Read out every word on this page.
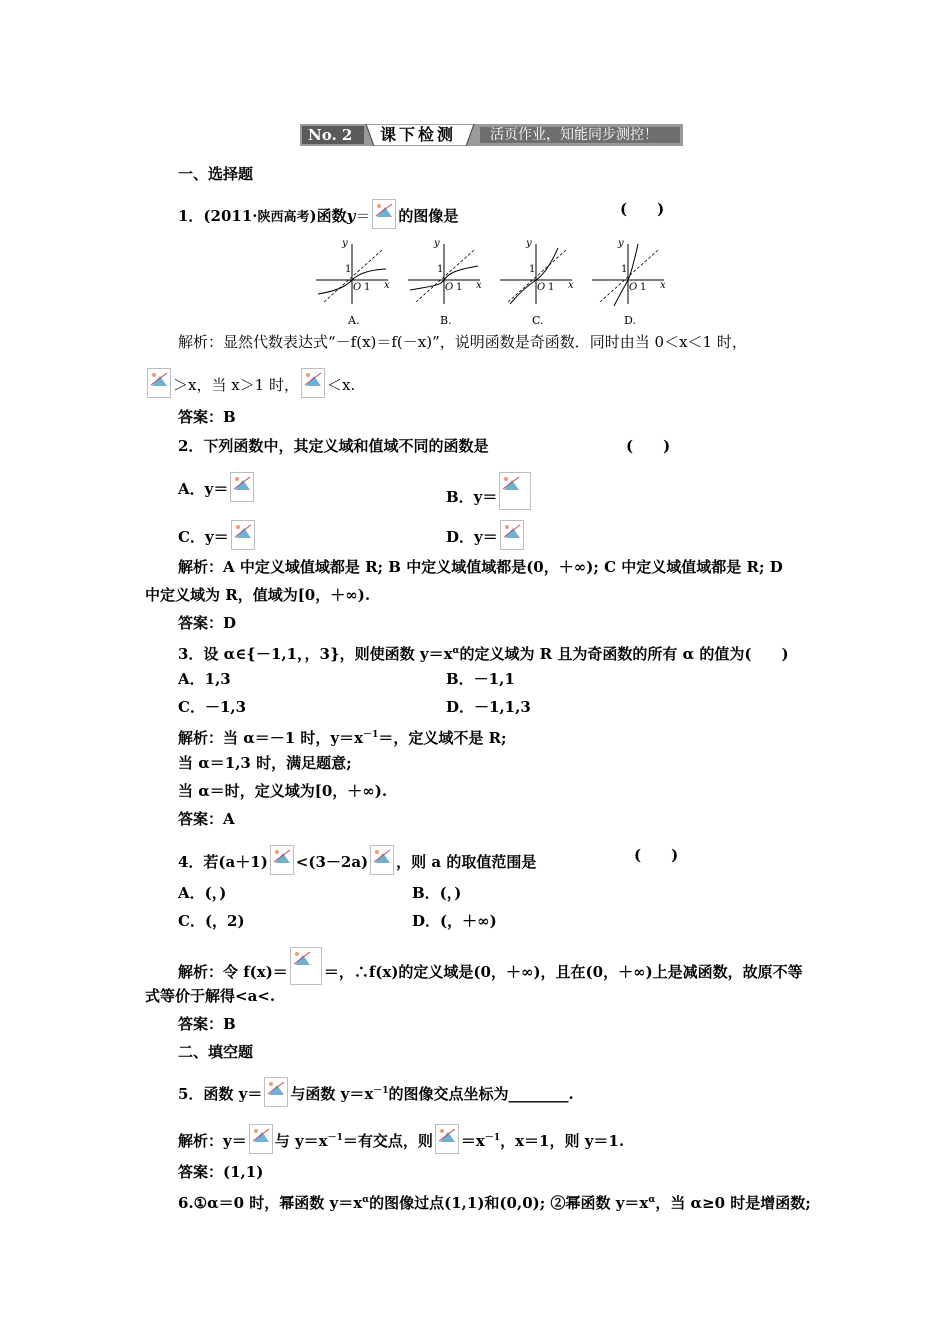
No. 2 课下检测 活页作业，知能同步测控！
一、选择题
1．(2011·陕西高考)函数y＝ 的图像是	(　　)
y
x
1
O 1
A.
y
x
1
O 1
B.
y
x
1
O 1
C.
y
x
1
O 1
D.
解析：显然代数表达式“－f(x)＝f(－x)”，说明函数是奇函数．同时由当 0＜x＜1 时，
＞x，当 x＞1 时， ＜x.
答案：B
2．下列函数中，其定义域和值域不同的函数是	(　　)
A．y＝	B．y＝
C．y＝	D．y＝
解析：A 中定义域值域都是 R; B 中定义域值域都是(0，＋∞); C 中定义域值域都是 R; D
中定义域为 R，值域为[0，＋∞).
答案：D
3．设 α∈{－1,1，，3}，则使函数 $y=x^\alpha$的定义域为 R 且为奇函数的所有 α 的值为(　　)
A．1,3	B．－1,1
C．－1,3	D．－1,1,3
解析：当 α＝－1 时，$y=x^{-1}=$，定义域不是 R;
当 α＝1,3 时，满足题意;
当 α＝时，定义域为[0，＋∞).
答案：A
4．若(a＋1) <(3－2a) ，则 a 的取值范围是	(　　)
A．(，)	B．(，)
C．(，2)	D．(，＋∞)
解析：令 f(x)＝ ＝，∴f(x)的定义域是(0，＋∞)，且在(0，＋∞)上是减函数，故原不等
式等价于解得<a<.
答案：B
二、填空题
5．函数 y＝ 与函数 $y=x^{-1}$的图像交点坐标为________.
解析：y＝ 与 $y=x^{-1}=$有交点，则 $=x^{-1}$，x＝1，则 y＝1.
答案：(1,1)
6.①α＝0 时，幂函数 $y=x^\alpha$的图像过点(1,1)和(0,0); ②幂函数 $y=x^\alpha$，当 α≥0 时是增函数;
